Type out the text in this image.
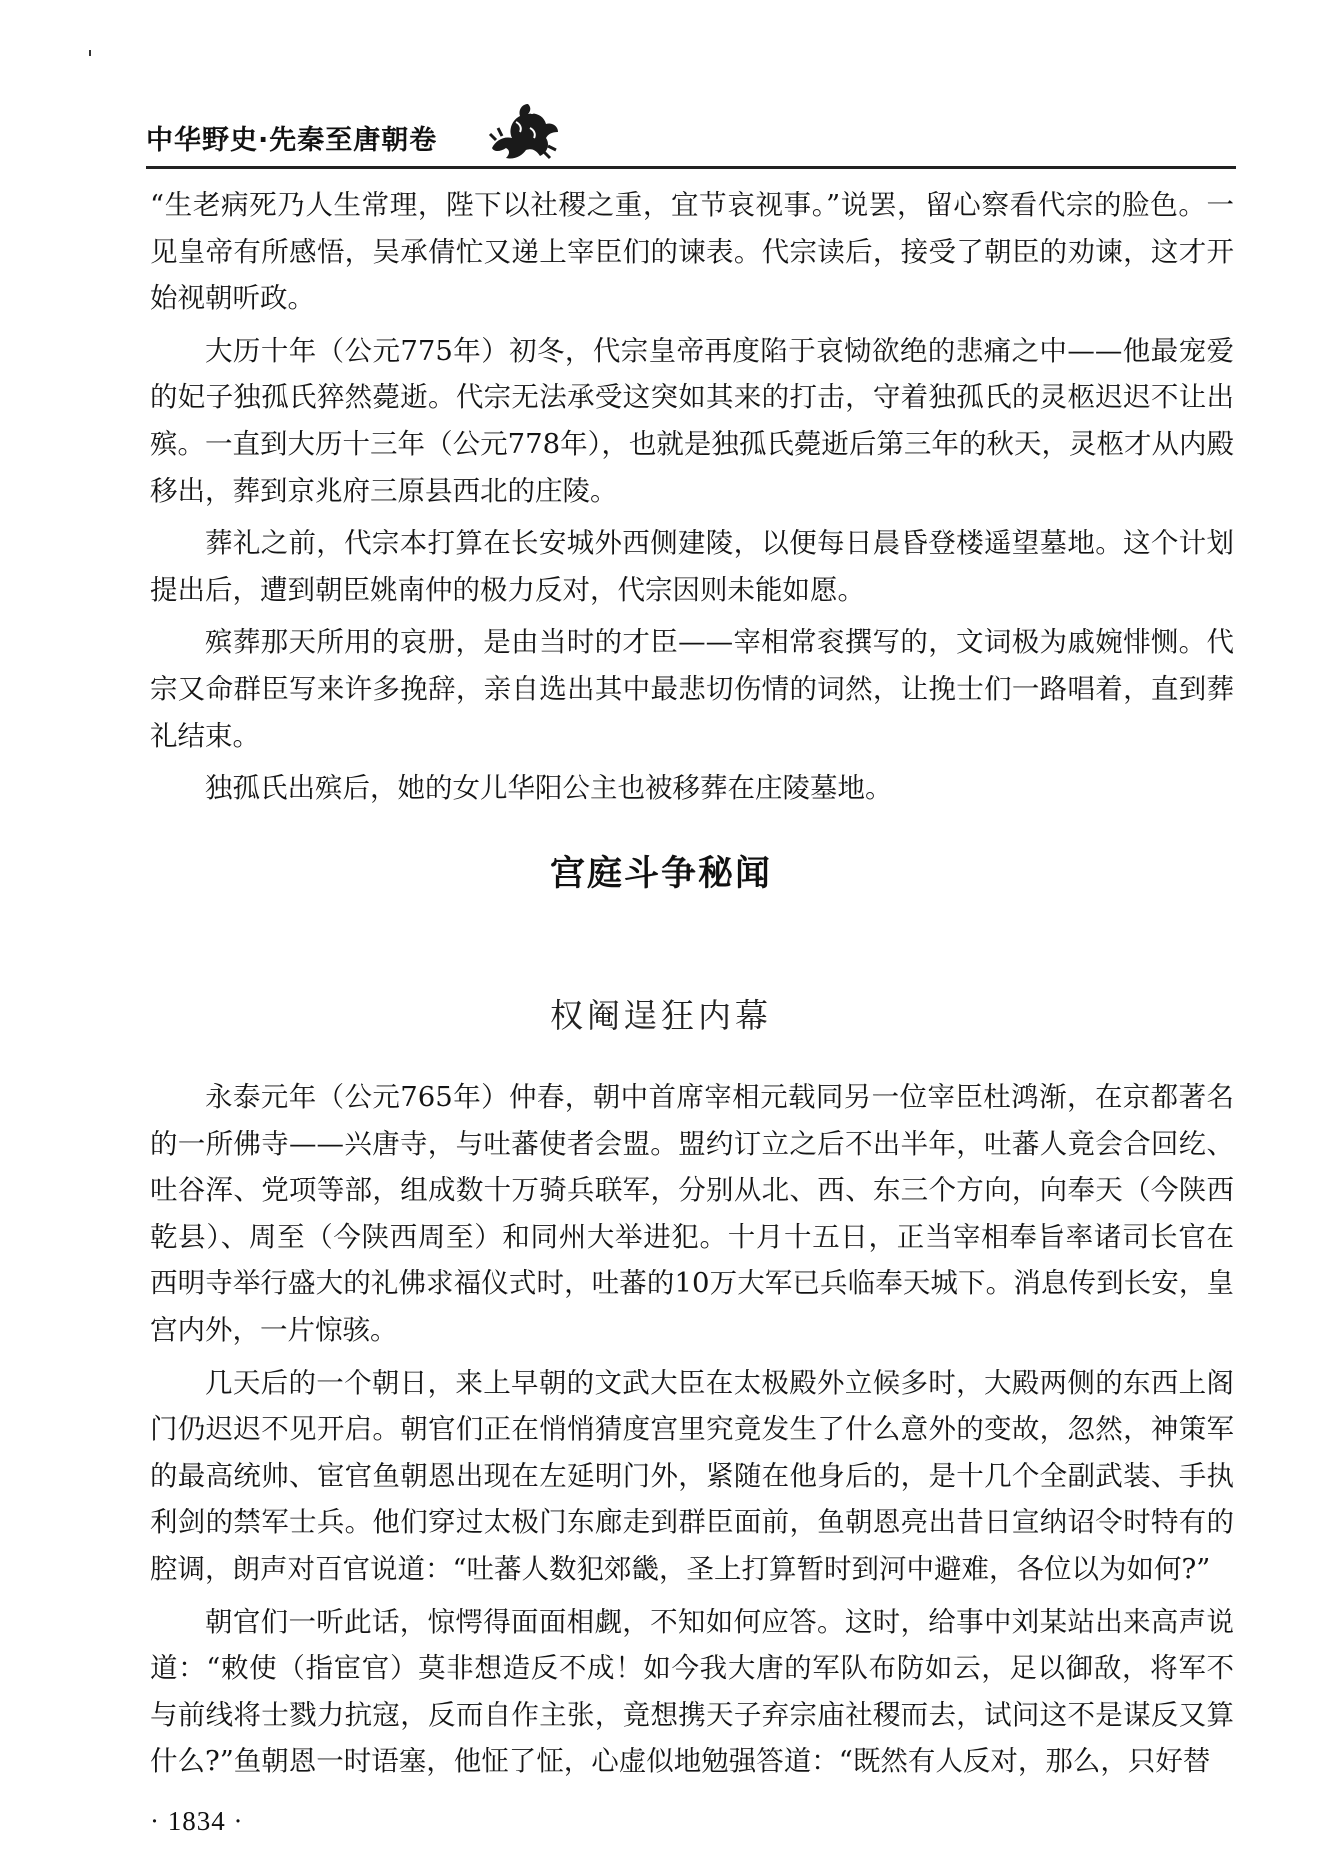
中华野史·先秦至唐朝卷

“生老病死乃人生常理，陛下以社稷之重，宜节哀视事。”说罢，留心察看代宗的脸色。一见皇帝有所感悟，吴承倩忙又递上宰臣们的谏表。代宗读后，接受了朝臣的劝谏，这才开始视朝听政。

大历十年（公元775年）初冬，代宗皇帝再度陷于哀恸欲绝的悲痛之中——他最宠爱的妃子独孤氏猝然薨逝。代宗无法承受这突如其来的打击，守着独孤氏的灵柩迟迟不让出殡。一直到大历十三年（公元778年），也就是独孤氏薨逝后第三年的秋天，灵柩才从内殿移出，葬到京兆府三原县西北的庄陵。

葬礼之前，代宗本打算在长安城外西侧建陵，以便每日晨昏登楼遥望墓地。这个计划提出后，遭到朝臣姚南仲的极力反对，代宗因则未能如愿。

殡葬那天所用的哀册，是由当时的才臣——宰相常衮撰写的，文词极为戚婉悱恻。代宗又命群臣写来许多挽辞，亲自选出其中最悲切伤情的词然，让挽士们一路唱着，直到葬礼结束。

独孤氏出殡后，她的女儿华阳公主也被移葬在庄陵墓地。

宫庭斗争秘闻
权阉逞狂内幕

永泰元年（公元765年）仲春，朝中首席宰相元载同另一位宰臣杜鸿渐，在京都著名的一所佛寺——兴唐寺，与吐蕃使者会盟。盟约订立之后不出半年，吐蕃人竟会合回纥、吐谷浑、党项等部，组成数十万骑兵联军，分别从北、西、东三个方向，向奉天（今陕西乾县）、周至（今陕西周至）和同州大举进犯。十月十五日，正当宰相奉旨率诸司长官在西明寺举行盛大的礼佛求福仪式时，吐蕃的10万大军已兵临奉天城下。消息传到长安，皇宫内外，一片惊骇。

几天后的一个朝日，来上早朝的文武大臣在太极殿外立候多时，大殿两侧的东西上阁门仍迟迟不见开启。朝官们正在悄悄猜度宫里究竟发生了什么意外的变故，忽然，神策军的最高统帅、宦官鱼朝恩出现在左延明门外，紧随在他身后的，是十几个全副武装、手执利剑的禁军士兵。他们穿过太极门东廊走到群臣面前，鱼朝恩亮出昔日宣纳诏令时特有的腔调，朗声对百官说道：“吐蕃人数犯郊畿，圣上打算暂时到河中避难，各位以为如何?”

朝官们一听此话，惊愕得面面相觑，不知如何应答。这时，给事中刘某站出来高声说道：“敕使（指宦官）莫非想造反不成！如今我大唐的军队布防如云，足以御敌，将军不与前线将士戮力抗寇，反而自作主张，竟想携天子弃宗庙社稷而去，试问这不是谋反又算什么?”鱼朝恩一时语塞，他怔了怔，心虚似地勉强答道：“既然有人反对，那么，只好替

· 1834 ·
